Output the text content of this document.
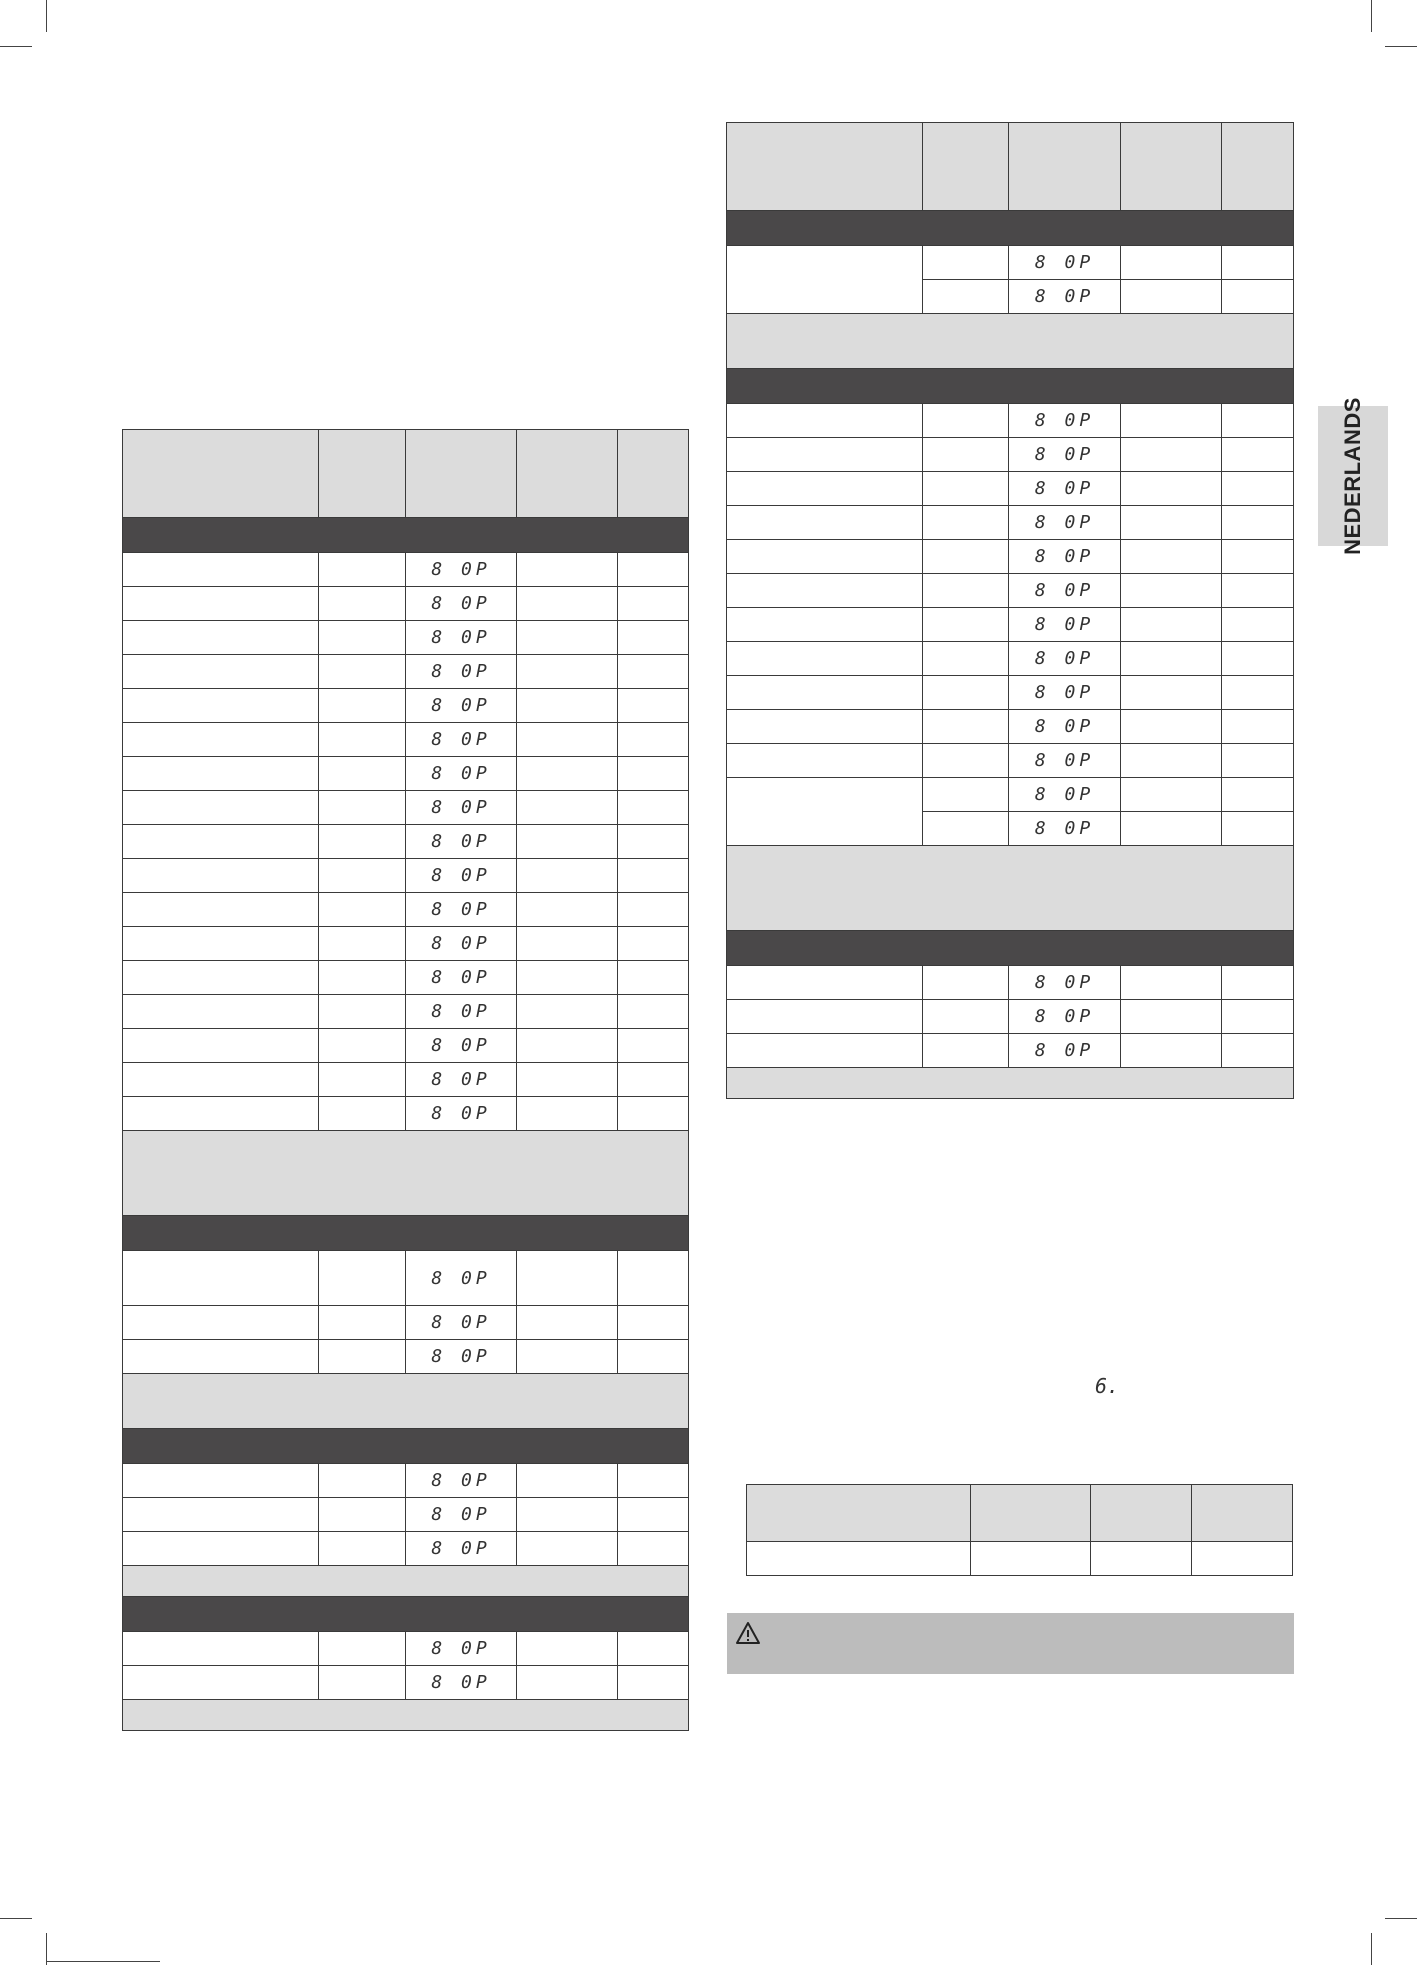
NEDERLANDS

		8 0P		
		8 0P		
		8 0P		
		8 0P		
		8 0P		
		8 0P		
		8 0P		
		8 0P		
		8 0P		
		8 0P		
		8 0P		
		8 0P		
		8 0P		
		8 0P		
		8 0P		
		8 0P		
		8 0P		

		8 0P		
		8 0P		
		8 0P		

		8 0P		
		8 0P		
		8 0P		

		8 0P		
		8 0P		

		8 0P		
		8 0P		

		8 0P		
		8 0P		
		8 0P		
		8 0P		
		8 0P		
		8 0P		
		8 0P		
		8 0P		
		8 0P		
		8 0P		
		8 0P		
		8 0P		
		8 0P		

		8 0P		
		8 0P		
		8 0P		

6.
